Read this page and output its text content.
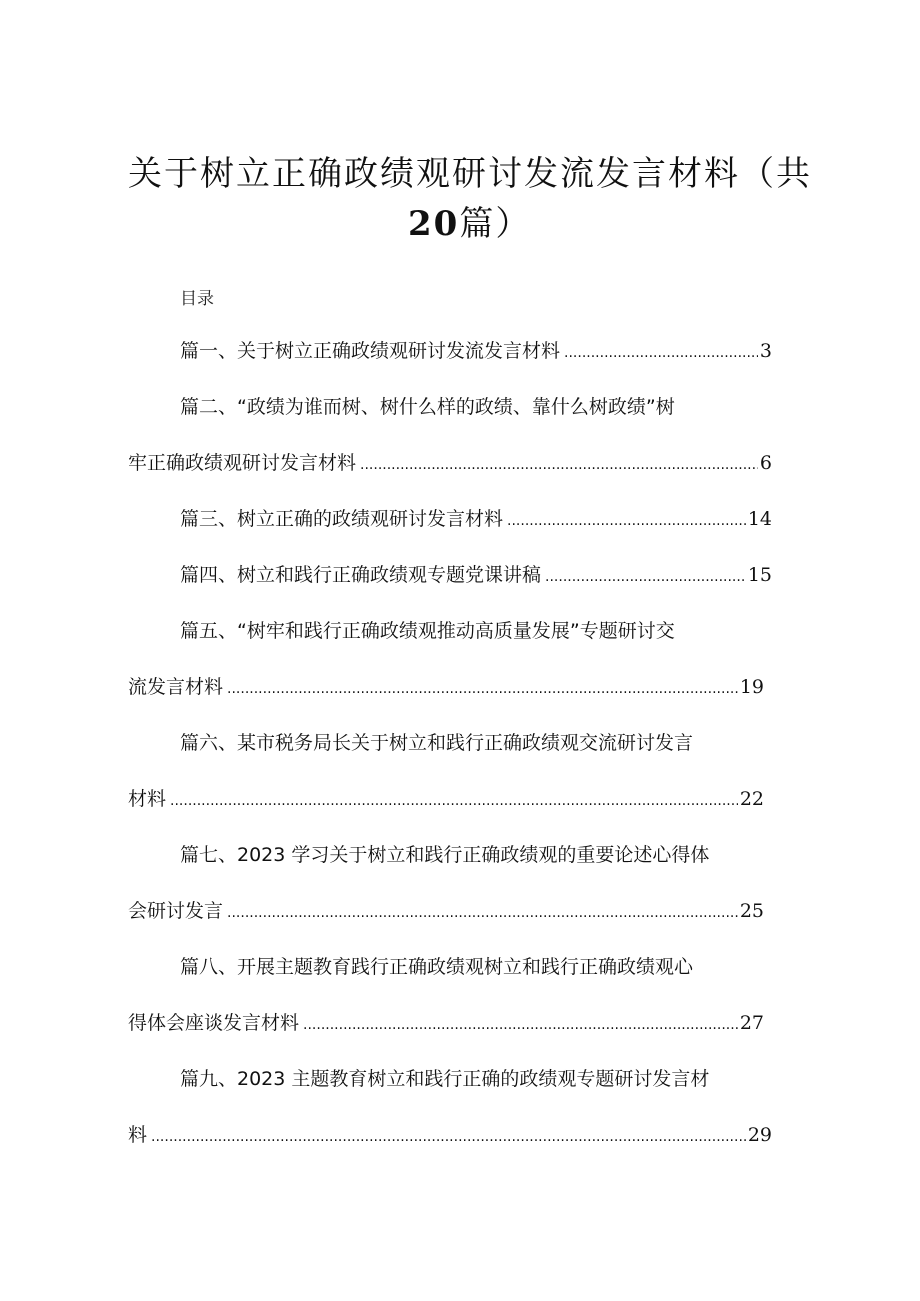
关于树立正确政绩观研讨发流发言材料（共
20篇）
目录
篇一、关于树立正确政绩观研讨发流发言材料 .....	3
篇二、“政绩为谁而树、树什么样的政绩、靠什么树政绩”树
牢正确政绩观研讨发言材料 .....	6
篇三、树立正确的政绩观研讨发言材料 .....	14
篇四、树立和践行正确政绩观专题党课讲稿 .....	15
篇五、“树牢和践行正确政绩观推动高质量发展”专题研讨交
流发言材料 .....	19
篇六、某市税务局长关于树立和践行正确政绩观交流研讨发言
材料 .....	22
篇七、2023 学习关于树立和践行正确政绩观的重要论述心得体
会研讨发言 .....	25
篇八、开展主题教育践行正确政绩观树立和践行正确政绩观心
得体会座谈发言材料 .....	27
篇九、2023 主题教育树立和践行正确的政绩观专题研讨发言材
料 .....	29
